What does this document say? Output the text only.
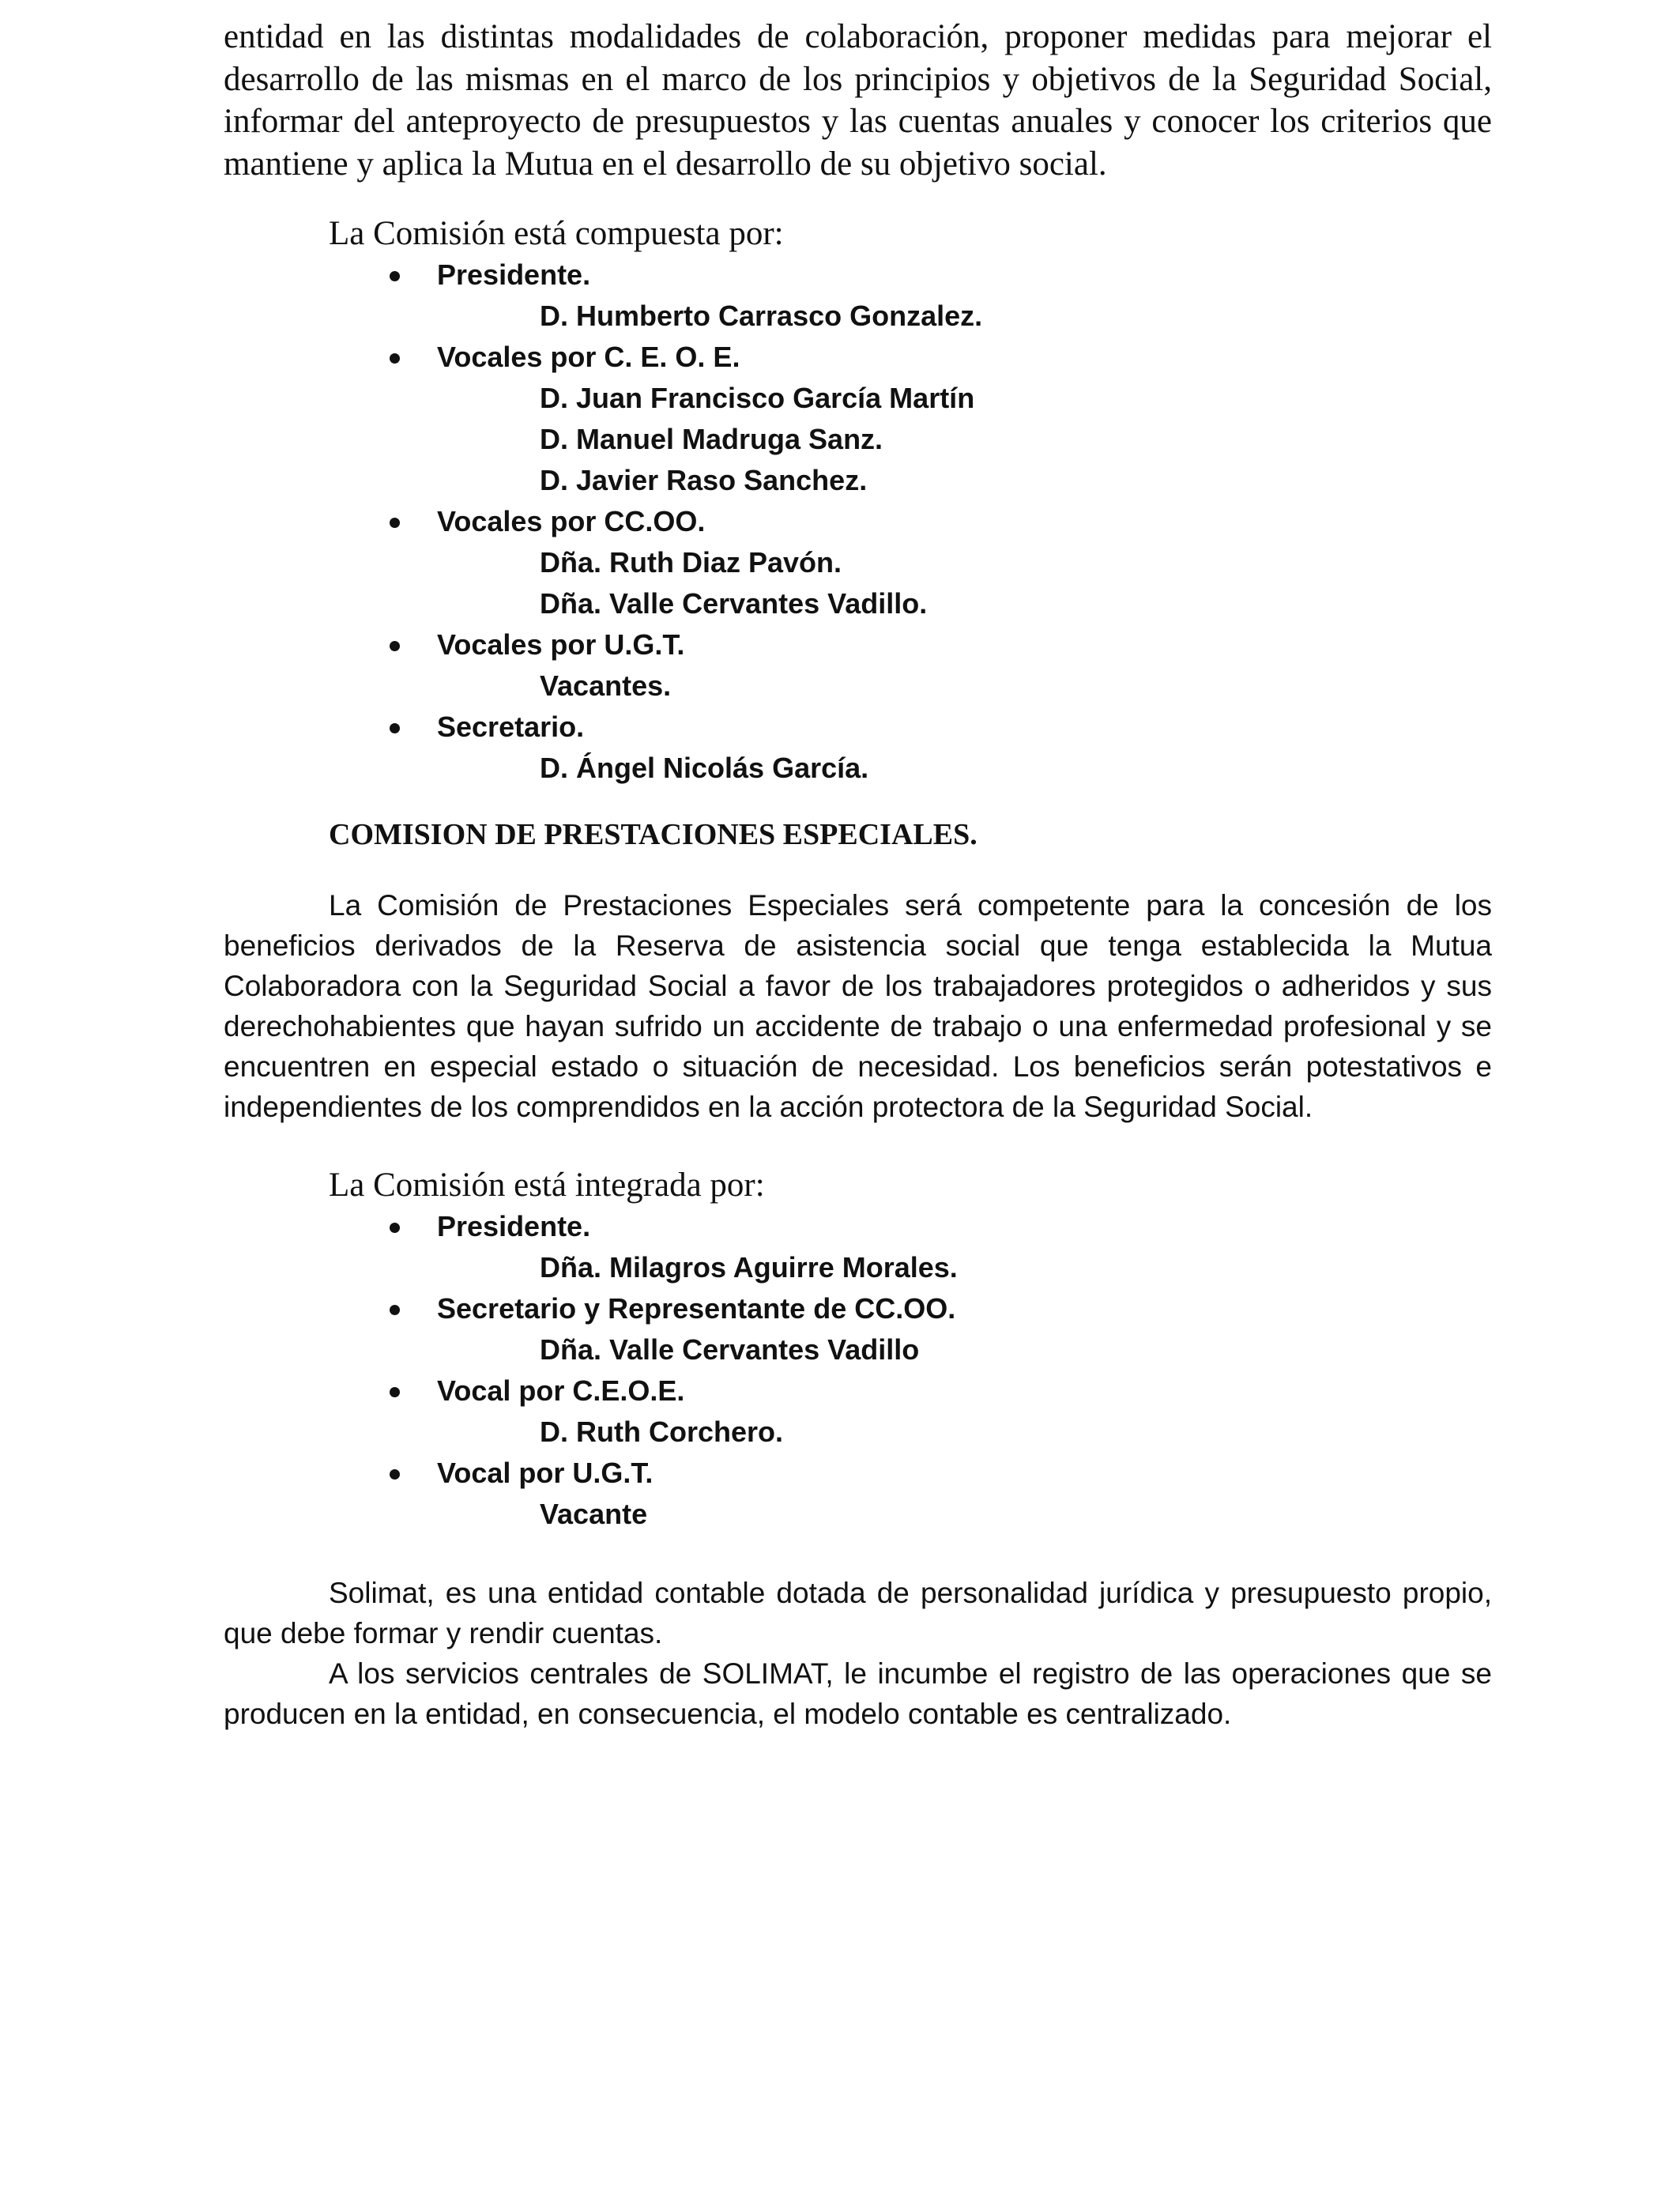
entidad en las distintas modalidades de colaboración, proponer medidas para mejorar el desarrollo de las mismas en el marco de los principios y objetivos de la Seguridad Social, informar del anteproyecto de presupuestos y las cuentas anuales y conocer los criterios que mantiene y aplica la Mutua en el desarrollo de su objetivo social.

La Comisión está compuesta por:

Presidente.
D. Humberto Carrasco Gonzalez.
Vocales por C. E. O. E.
D. Juan Francisco García Martín
D. Manuel Madruga Sanz.
D. Javier Raso Sanchez.
Vocales por CC.OO.
Dña. Ruth Diaz Pavón.
Dña. Valle Cervantes Vadillo.
Vocales por U.G.T.
Vacantes.
Secretario.
D. Ángel Nicolás García.

COMISION DE PRESTACIONES ESPECIALES.

La Comisión de Prestaciones Especiales será competente para la concesión de los beneficios derivados de la Reserva de asistencia social que tenga establecida la Mutua Colaboradora con la Seguridad Social a favor de los trabajadores protegidos o adheridos y sus derechohabientes que hayan sufrido un accidente de trabajo o una enfermedad profesional y se encuentren en especial estado o situación de necesidad. Los beneficios serán potestativos e independientes de los comprendidos en la acción protectora de la Seguridad Social.

La Comisión está integrada por:

Presidente.
Dña. Milagros Aguirre Morales.
Secretario y Representante de CC.OO.
Dña. Valle Cervantes Vadillo
Vocal por C.E.O.E.
D. Ruth Corchero.
Vocal por U.G.T.
Vacante

Solimat, es una entidad contable dotada de personalidad jurídica y presupuesto propio, que debe formar y rendir cuentas.

A los servicios centrales de SOLIMAT, le incumbe el registro de las operaciones que se producen en la entidad, en consecuencia, el modelo contable es centralizado.
